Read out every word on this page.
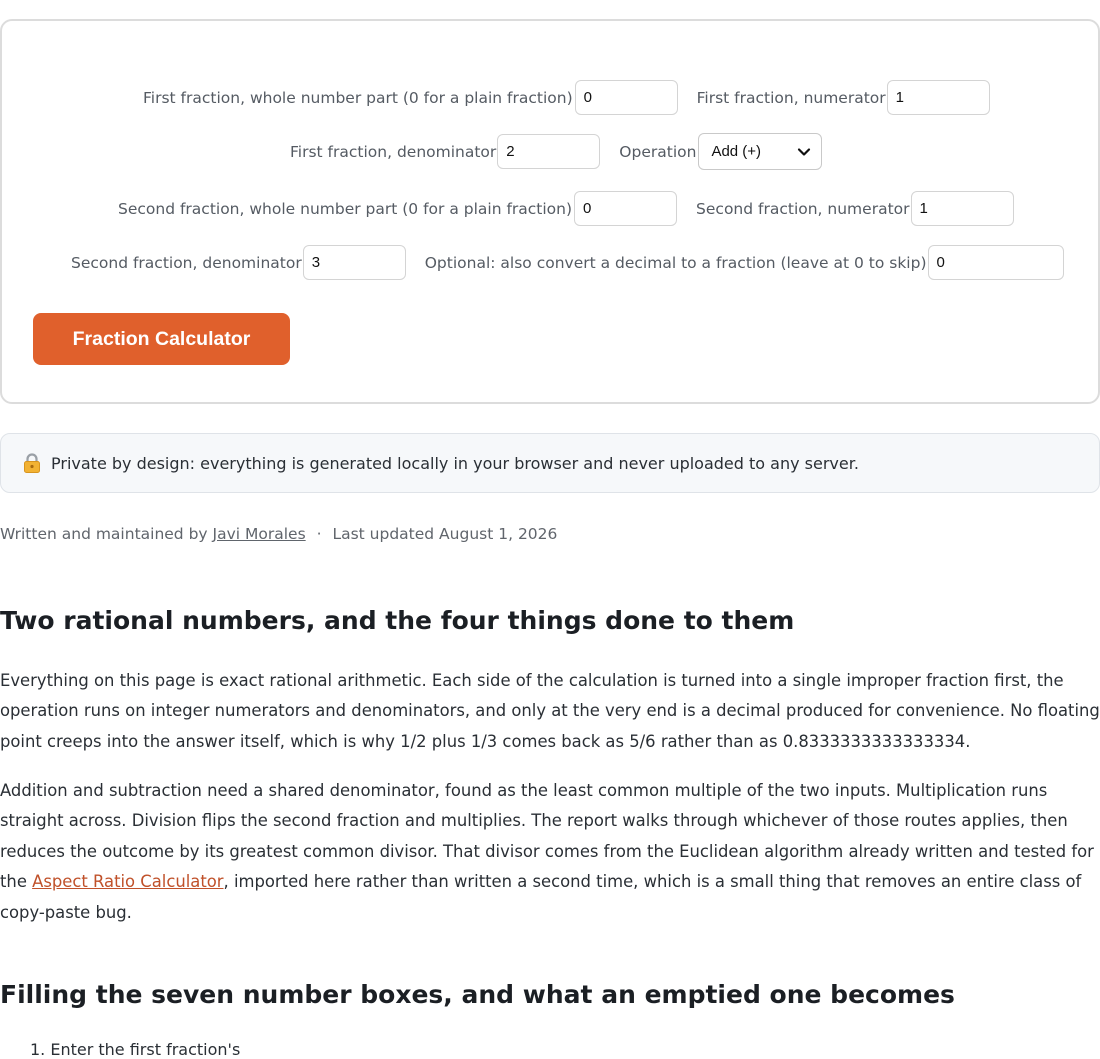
First fraction, whole number part (0 for a plain fraction) 0	First fraction, numerator 1
First fraction, denominator 2	Operation Add (+)
Second fraction, whole number part (0 for a plain fraction) 0	Second fraction, numerator 1
Second fraction, denominator 3	Optional: also convert a decimal to a fraction (leave at 0 to skip) 0
Fraction Calculator
Private by design: everything is generated locally in your browser and never uploaded to any server.
Written and maintained by Javi Morales · Last updated August 1, 2026
Two rational numbers, and the four things done to them

Everything on this page is exact rational arithmetic. Each side of the calculation is turned into a single improper fraction first, the operation runs on integer numerators and denominators, and only at the very end is a decimal produced for convenience. No floating point creeps into the answer itself, which is why 1/2 plus 1/3 comes back as 5/6 rather than as 0.8333333333333334.

Addition and subtraction need a shared denominator, found as the least common multiple of the two inputs. Multiplication runs straight across. Division flips the second fraction and multiplies. The report walks through whichever of those routes applies, then reduces the outcome by its greatest common divisor. That divisor comes from the Euclidean algorithm already written and tested for the Aspect Ratio Calculator, imported here rather than written a second time, which is a small thing that removes an entire class of copy-paste bug.

Filling the seven number boxes, and what an emptied one becomes
1. Enter the first fraction's
